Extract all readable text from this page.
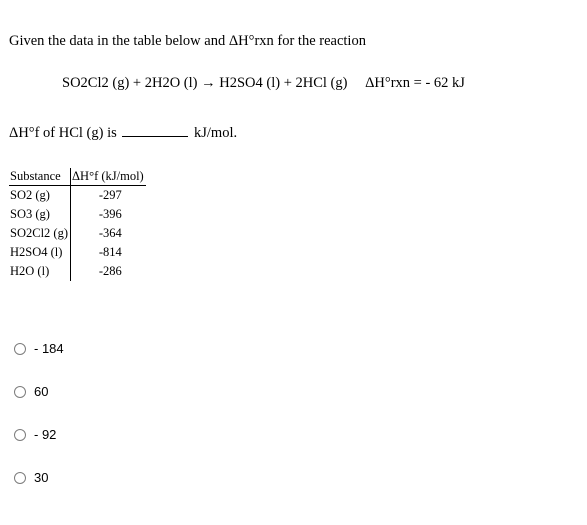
Given the data in the table below and ΔH°rxn for the reaction
SO2Cl2 (g) + 2H2O (l) → H2SO4 (l) + 2HCl (g) ΔH°rxn = - 62 kJ
ΔH°f of HCl (g) is	kJ/mol.
Substance	ΔH°f (kJ/mol)
SO2 (g)	-297
SO3 (g)	-396
SO2Cl2 (g)	-364
H2SO4 (l)	-814
H2O (l)	-286
- 184
60
- 92
30
